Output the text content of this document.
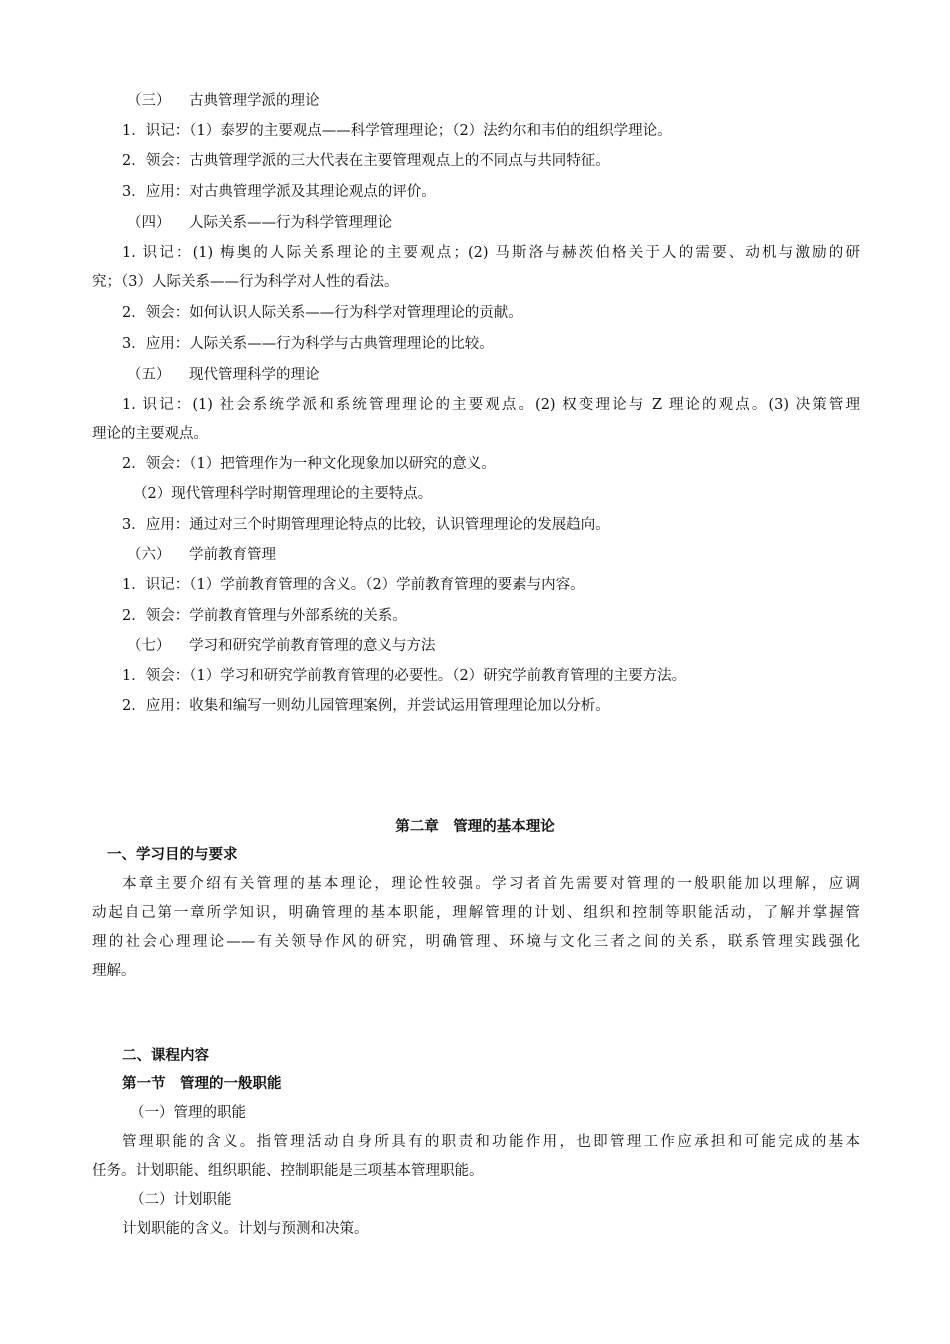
（三） 古典管理学派的理论
1．识记：（1）泰罗的主要观点——科学管理理论；（2）法约尔和韦伯的组织学理论。
2．领会：古典管理学派的三大代表在主要管理观点上的不同点与共同特征。
3．应用：对古典管理学派及其理论观点的评价。
（四） 人际关系——行为科学管理理论
1. 识记：(1) 梅奥的人际关系理论的主要观点；(2) 马斯洛与赫茨伯格关于人的需要、动机与激励的研
究；（3）人际关系——行为科学对人性的看法。
2．领会：如何认识人际关系——行为科学对管理理论的贡献。
3．应用：人际关系——行为科学与古典管理理论的比较。
（五） 现代管理科学的理论
1. 识记：(1) 社会系统学派和系统管理理论的主要观点。(2) 权变理论与 Z 理论的观点。(3) 决策管理
理论的主要观点。
2．领会：（1）把管理作为一种文化现象加以研究的意义。
（2）现代管理科学时期管理理论的主要特点。
3．应用：通过对三个时期管理理论特点的比较，认识管理理论的发展趋向。
（六） 学前教育管理
1．识记：（1）学前教育管理的含义。（2）学前教育管理的要素与内容。
2．领会：学前教育管理与外部系统的关系。
（七） 学习和研究学前教育管理的意义与方法
1．领会：（1）学习和研究学前教育管理的必要性。（2）研究学前教育管理的主要方法。
2．应用：收集和编写一则幼儿园管理案例，并尝试运用管理理论加以分析。
第二章　管理的基本理论
一、学习目的与要求
本章主要介绍有关管理的基本理论，理论性较强。学习者首先需要对管理的一般职能加以理解，应调
动起自己第一章所学知识，明确管理的基本职能，理解管理的计划、组织和控制等职能活动，了解并掌握管
理的社会心理理论——有关领导作风的研究，明确管理、环境与文化三者之间的关系，联系管理实践强化
理解。
二、课程内容
第一节　管理的一般职能
（一）管理的职能
管理职能的含义。指管理活动自身所具有的职责和功能作用，也即管理工作应承担和可能完成的基本
任务。计划职能、组织职能、控制职能是三项基本管理职能。
（二）计划职能
计划职能的含义。计划与预测和决策。
